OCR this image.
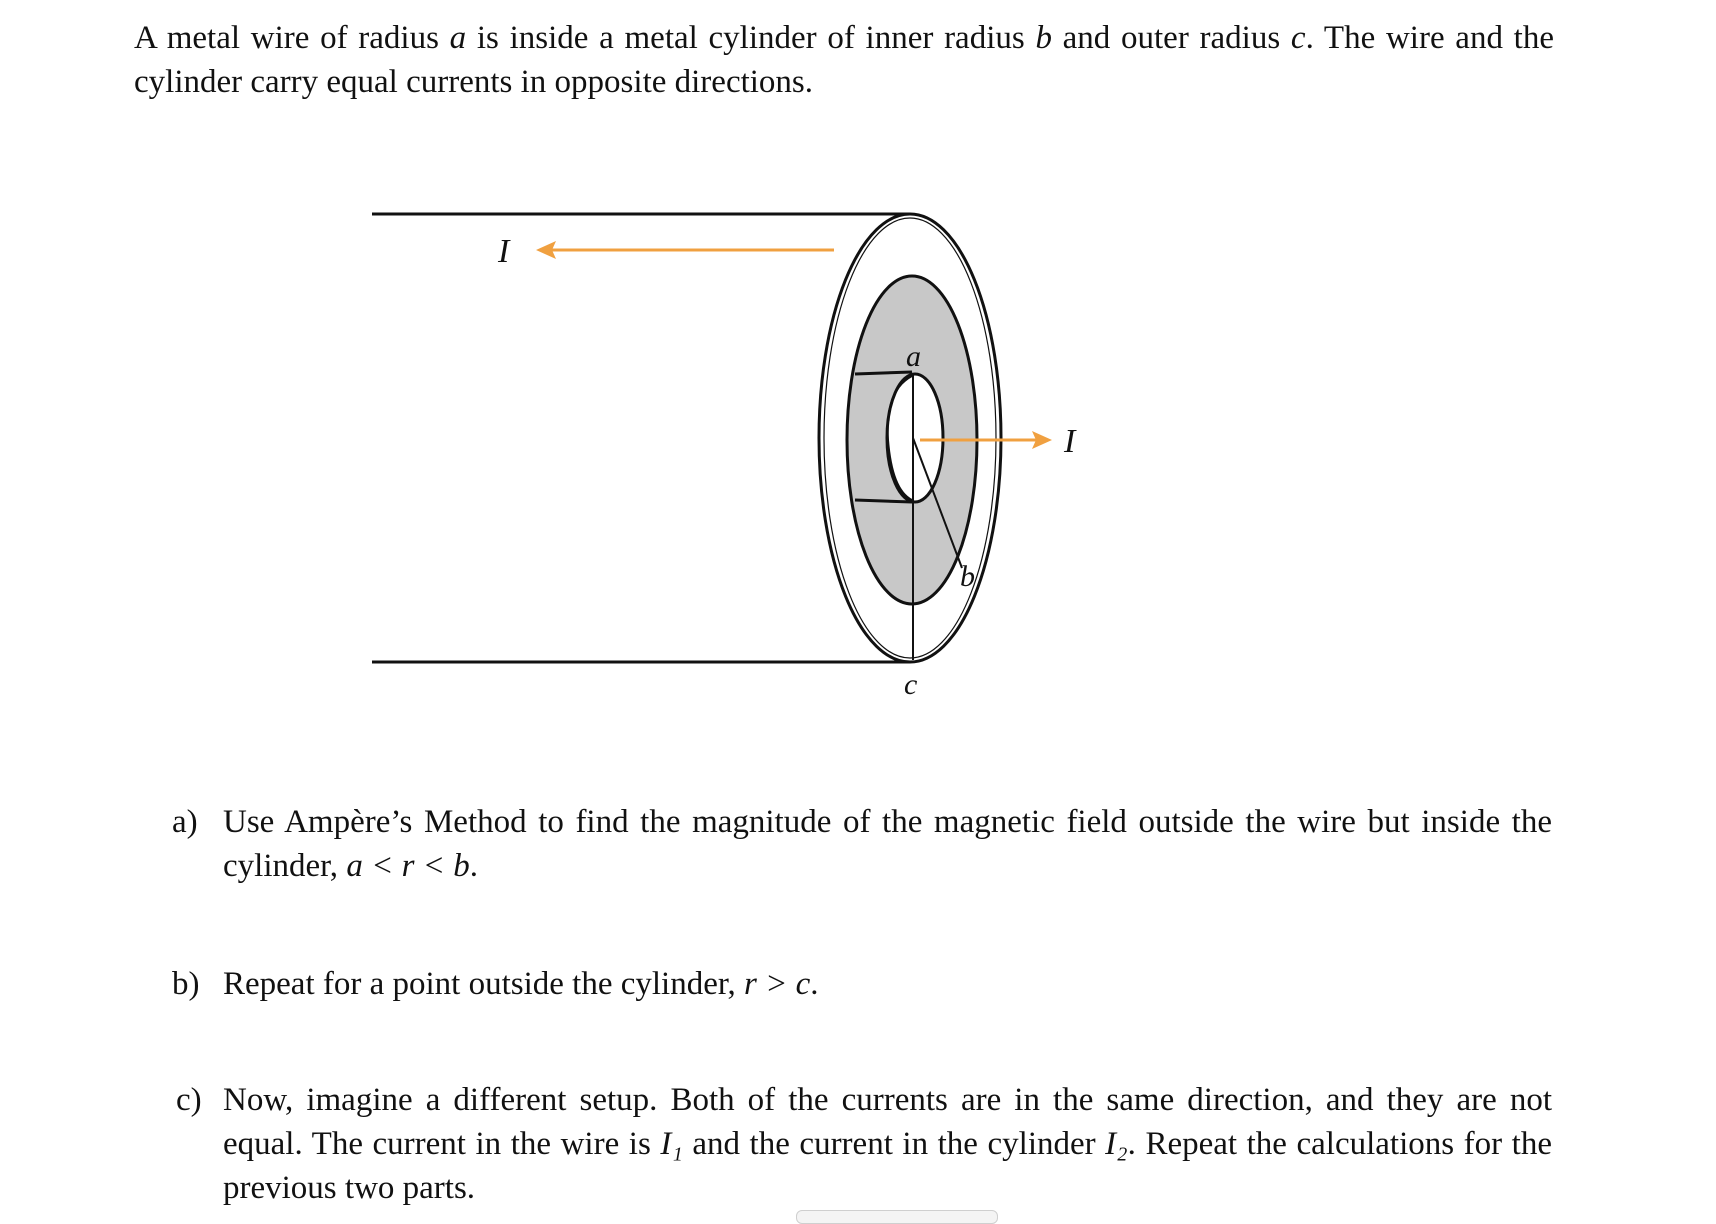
A metal wire of radius a is inside a metal cylinder of inner radius b and outer radius c. The wire and the cylinder carry equal currents in opposite directions.
I
I
a
b
c
a) Use Ampère’s Method to find the magnitude of the magnetic field outside the wire but inside the cylinder, a < r < b.
b) Repeat for a point outside the cylinder, r > c.
c) Now, imagine a different setup. Both of the currents are in the same direction, and they are not equal. The current in the wire is I₁ and the current in the cylinder I₂. Repeat the calculations for the previous two parts.
